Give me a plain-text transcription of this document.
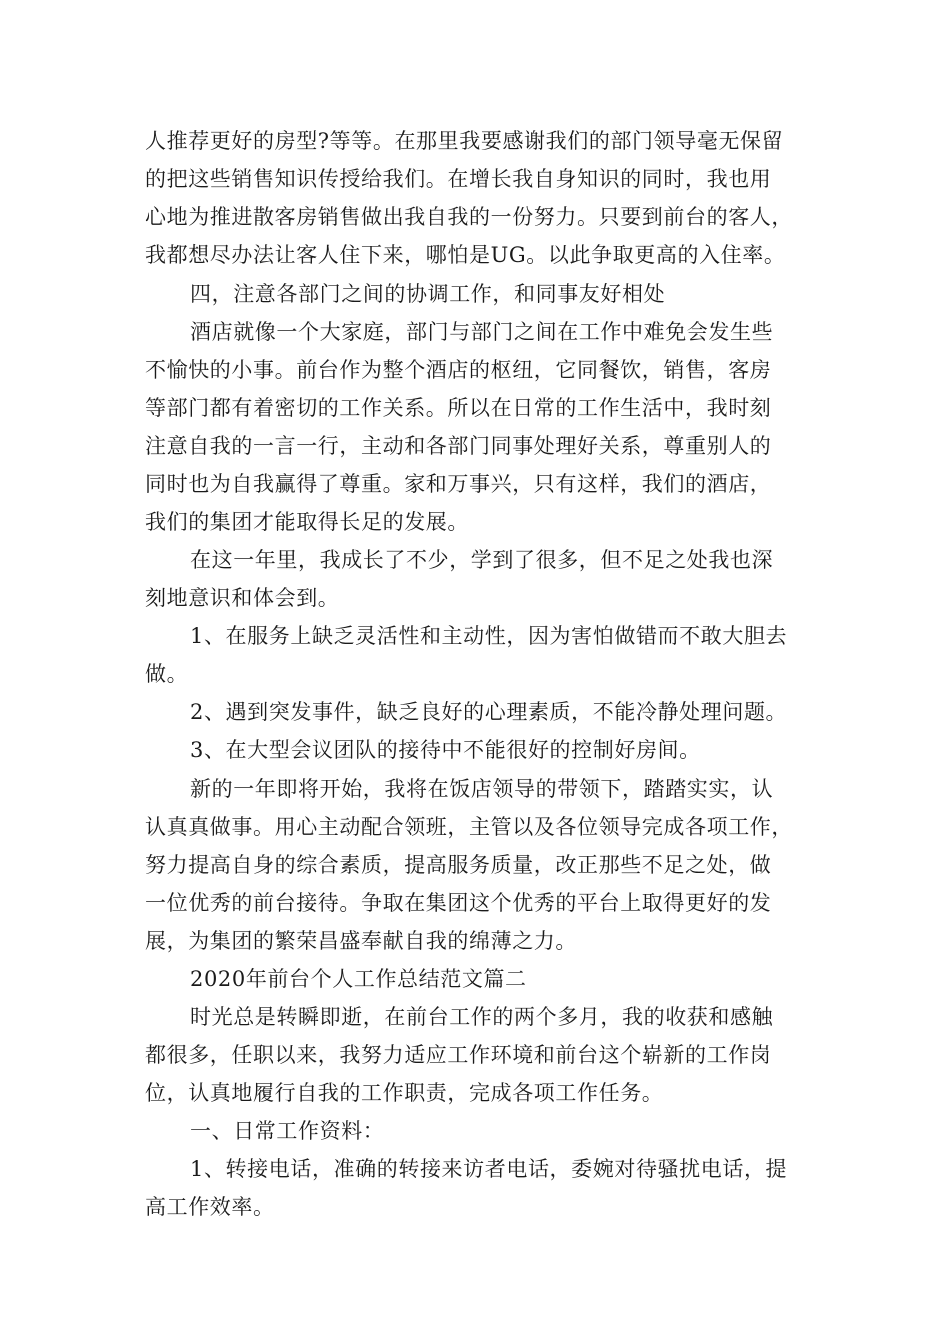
人推荐更好的房型?等等。在那里我要感谢我们的部门领导毫无保留
的把这些销售知识传授给我们。在增长我自身知识的同时，我也用
心地为推进散客房销售做出我自我的一份努力。只要到前台的客人，
我都想尽办法让客人住下来，哪怕是UG。以此争取更高的入住率。
四，注意各部门之间的协调工作，和同事友好相处
酒店就像一个大家庭，部门与部门之间在工作中难免会发生些
不愉快的小事。前台作为整个酒店的枢纽，它同餐饮，销售，客房
等部门都有着密切的工作关系。所以在日常的工作生活中，我时刻
注意自我的一言一行，主动和各部门同事处理好关系，尊重别人的
同时也为自我赢得了尊重。家和万事兴，只有这样，我们的酒店，
我们的集团才能取得长足的发展。
在这一年里，我成长了不少，学到了很多，但不足之处我也深
刻地意识和体会到。
1、在服务上缺乏灵活性和主动性，因为害怕做错而不敢大胆去
做。
2、遇到突发事件，缺乏良好的心理素质，不能冷静处理问题。
3、在大型会议团队的接待中不能很好的控制好房间。
新的一年即将开始，我将在饭店领导的带领下，踏踏实实，认
认真真做事。用心主动配合领班，主管以及各位领导完成各项工作，
努力提高自身的综合素质，提高服务质量，改正那些不足之处，做
一位优秀的前台接待。争取在集团这个优秀的平台上取得更好的发
展，为集团的繁荣昌盛奉献自我的绵薄之力。
2020年前台个人工作总结范文篇二
时光总是转瞬即逝，在前台工作的两个多月，我的收获和感触
都很多，任职以来，我努力适应工作环境和前台这个崭新的工作岗
位，认真地履行自我的工作职责，完成各项工作任务。
一、日常工作资料：
1、转接电话，准确的转接来访者电话，委婉对待骚扰电话，提
高工作效率。
